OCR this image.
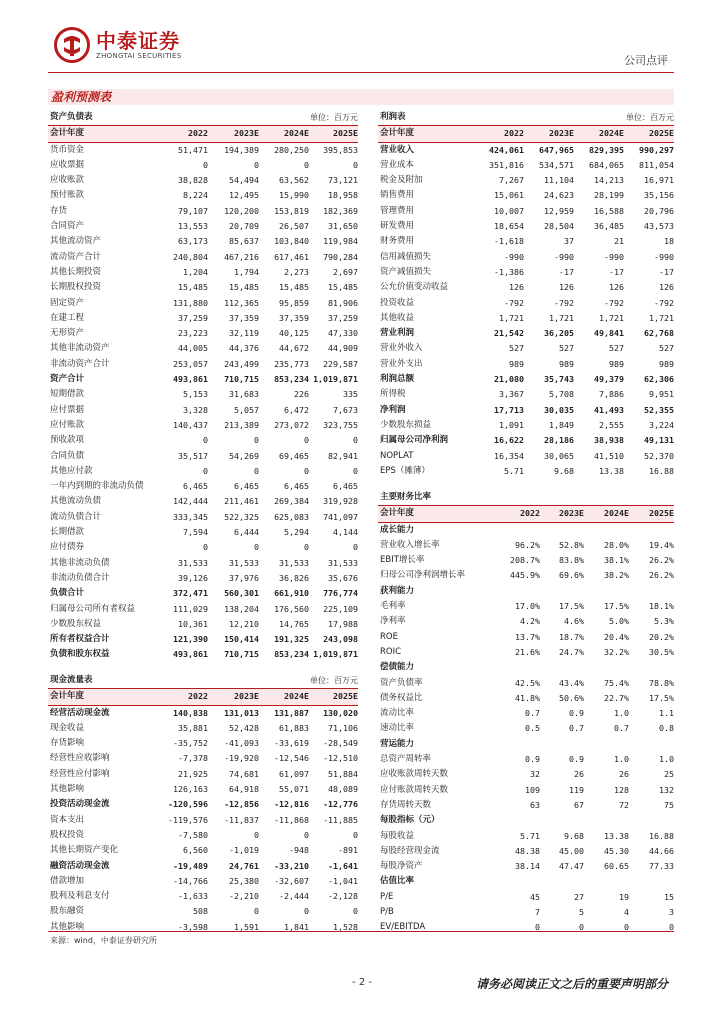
中泰证券
ZHONGTAI SECURITIES	公司点评
盈利预测表
资产负债表			单位：百万元	
会计年度	2022	2023E	2024E	2025E
货币资金	51,471	194,389	280,250	395,853
应收票据	0	0	0	0
应收账款	38,828	54,494	63,562	73,121
预付账款	8,224	12,495	15,990	18,958
存货	79,107	120,200	153,819	182,369
合同资产	13,553	20,709	26,507	31,650
其他流动资产	63,173	85,637	103,840	119,984
流动资产合计	240,804	467,216	617,461	790,284
其他长期投资	1,204	1,794	2,273	2,697
长期股权投资	15,485	15,485	15,485	15,485
固定资产	131,880	112,365	95,859	81,906
在建工程	37,259	37,359	37,359	37,259
无形资产	23,223	32,119	40,125	47,330
其他非流动资产	44,005	44,376	44,672	44,909
非流动资产合计	253,057	243,499	235,773	229,587
资产合计	493,861	710,715	853,234	1,019,871
短期借款	5,153	31,683	226	335
应付票据	3,328	5,057	6,472	7,673
应付账款	140,437	213,389	273,072	323,755
预收款项	0	0	0	0
合同负债	35,517	54,269	69,465	82,941
其他应付款	0	0	0	0
一年内到期的非流动负债	6,465	6,465	6,465	6,465
其他流动负债	142,444	211,461	269,384	319,928
流动负债合计	333,345	522,325	625,083	741,097
长期借款	7,594	6,444	5,294	4,144
应付债券	0	0	0	0
其他非流动负债	31,533	31,533	31,533	31,533
非流动负债合计	39,126	37,976	36,826	35,676
负债合计	372,471	560,301	661,910	776,774
归属母公司所有者权益	111,029	138,204	176,560	225,109
少数股东权益	10,361	12,210	14,765	17,988
所有者权益合计	121,390	150,414	191,325	243,098
负债和股东权益	493,861	710,715	853,234	1,019,871
利润表			单位：百万元	
会计年度	2022	2023E	2024E	2025E
营业收入	424,061	647,965	829,395	990,297
营业成本	351,816	534,571	684,065	811,054
税金及附加	7,267	11,104	14,213	16,971
销售费用	15,061	24,623	28,199	35,156
管理费用	10,007	12,959	16,588	20,796
研发费用	18,654	28,504	36,485	43,573
财务费用	-1,618	37	21	18
信用减值损失	-990	-990	-990	-990
资产减值损失	-1,386	-17	-17	-17
公允价值变动收益	126	126	126	126
投资收益	-792	-792	-792	-792
其他收益	1,721	1,721	1,721	1,721
营业利润	21,542	36,205	49,841	62,768
营业外收入	527	527	527	527
营业外支出	989	989	989	989
利润总额	21,080	35,743	49,379	62,306
所得税	3,367	5,708	7,886	9,951
净利润	17,713	30,035	41,493	52,355
少数股东损益	1,091	1,849	2,555	3,224
归属母公司净利润	16,622	28,186	38,938	49,131
NOPLAT	16,354	30,065	41,510	52,370
EPS（摊薄）	5.71	9.68	13.38	16.88
现金流量表			单位：百万元	
会计年度	2022	2023E	2024E	2025E
经营活动现金流	140,838	131,013	131,887	130,020
现金收益	35,881	52,428	61,883	71,106
存货影响	-35,752	-41,093	-33,619	-28,549
经营性应收影响	-7,378	-19,920	-12,546	-12,510
经营性应付影响	21,925	74,681	61,097	51,884
其他影响	126,163	64,918	55,071	48,089
投资活动现金流	-120,596	-12,856	-12,816	-12,776
资本支出	-119,576	-11,837	-11,868	-11,885
股权投资	-7,580	0	0	0
其他长期资产变化	6,560	-1,019	-948	-891
融资活动现金流	-19,489	24,761	-33,210	-1,641
借款增加	-14,766	25,380	-32,607	-1,041
股利及利息支付	-1,633	-2,210	-2,444	-2,128
股东融资	508	0	0	0
其他影响	-3,598	1,591	1,841	1,528
主要财务比率				
会计年度	2022	2023E	2024E	2025E
成长能力				
营业收入增长率	96.2%	52.8%	28.0%	19.4%
EBIT增长率	208.7%	83.8%	38.1%	26.2%
归母公司净利润增长率	445.9%	69.6%	38.2%	26.2%
获利能力				
毛利率	17.0%	17.5%	17.5%	18.1%
净利率	4.2%	4.6%	5.0%	5.3%
ROE	13.7%	18.7%	20.4%	20.2%
ROIC	21.6%	24.7%	32.2%	30.5%
偿债能力				
资产负债率	42.5%	43.4%	75.4%	78.8%
债务权益比	41.8%	50.6%	22.7%	17.5%
流动比率	0.7	0.9	1.0	1.1
速动比率	0.5	0.7	0.7	0.8
营运能力				
总资产周转率	0.9	0.9	1.0	1.0
应收账款周转天数	32	26	26	25
应付账款周转天数	109	119	128	132
存货周转天数	63	67	72	75
每股指标（元）				
每股收益	5.71	9.68	13.38	16.88
每股经营现金流	48.38	45.00	45.30	44.66
每股净资产	38.14	47.47	60.65	77.33
估值比率				
P/E	45	27	19	15
P/B	7	5	4	3
EV/EBITDA	0	0	0	0
来源：wind，中泰证券研究所
- 2 -	请务必阅读正文之后的重要声明部分
